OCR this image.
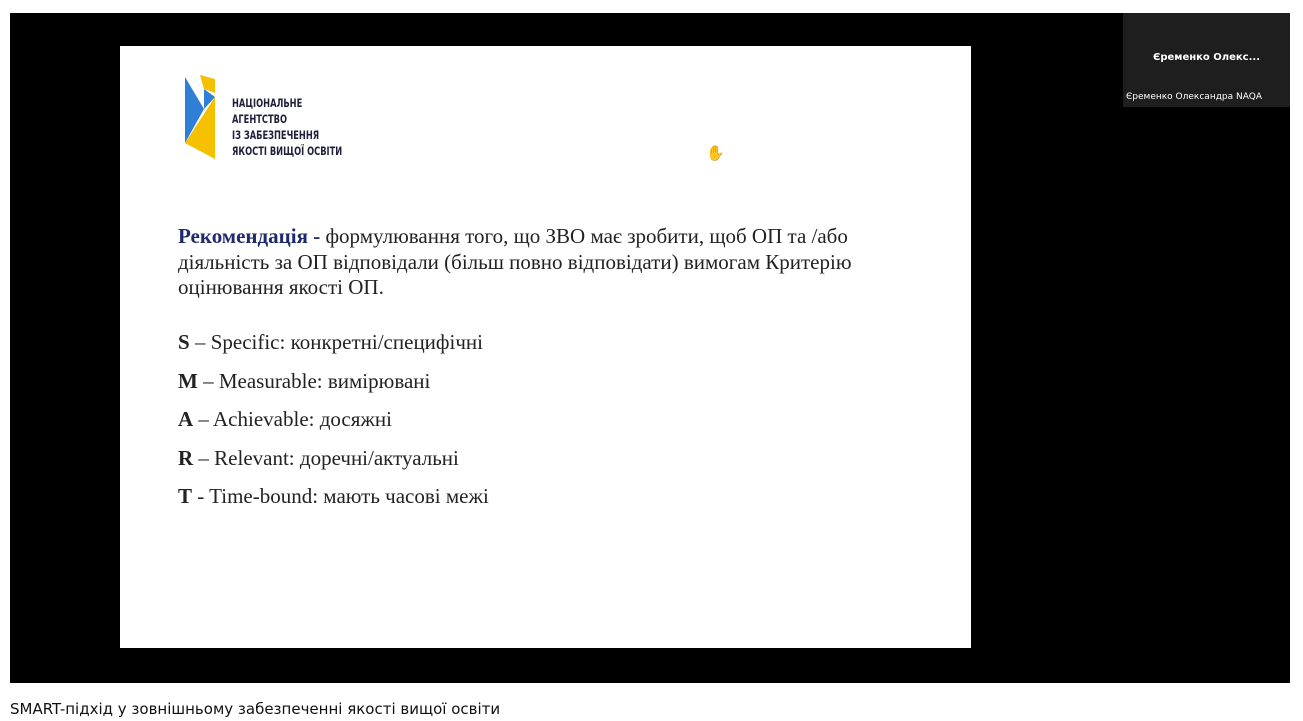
НАЦІОНАЛЬНЕ
АГЕНТСТВО
ІЗ ЗАБЕЗПЕЧЕННЯ
ЯКОСТІ ВИЩОЇ ОСВІТИ	✋
Рекомендація - формулювання того, що ЗВО має зробити, щоб ОП та /або діяльність за ОП відповідали (більш повно відповідати) вимогам Критерію оцінювання якості ОП.
S – Specific: конкретні/специфічні
M – Measurable: вимірювані
A – Achievable: досяжні
R – Relevant: доречні/актуальні
T - Time-bound: мають часові межі
Єременко Олекс...
Єременко Олександра NAQA
SMART-підхід у зовнішньому забезпеченні якості вищої освіти
